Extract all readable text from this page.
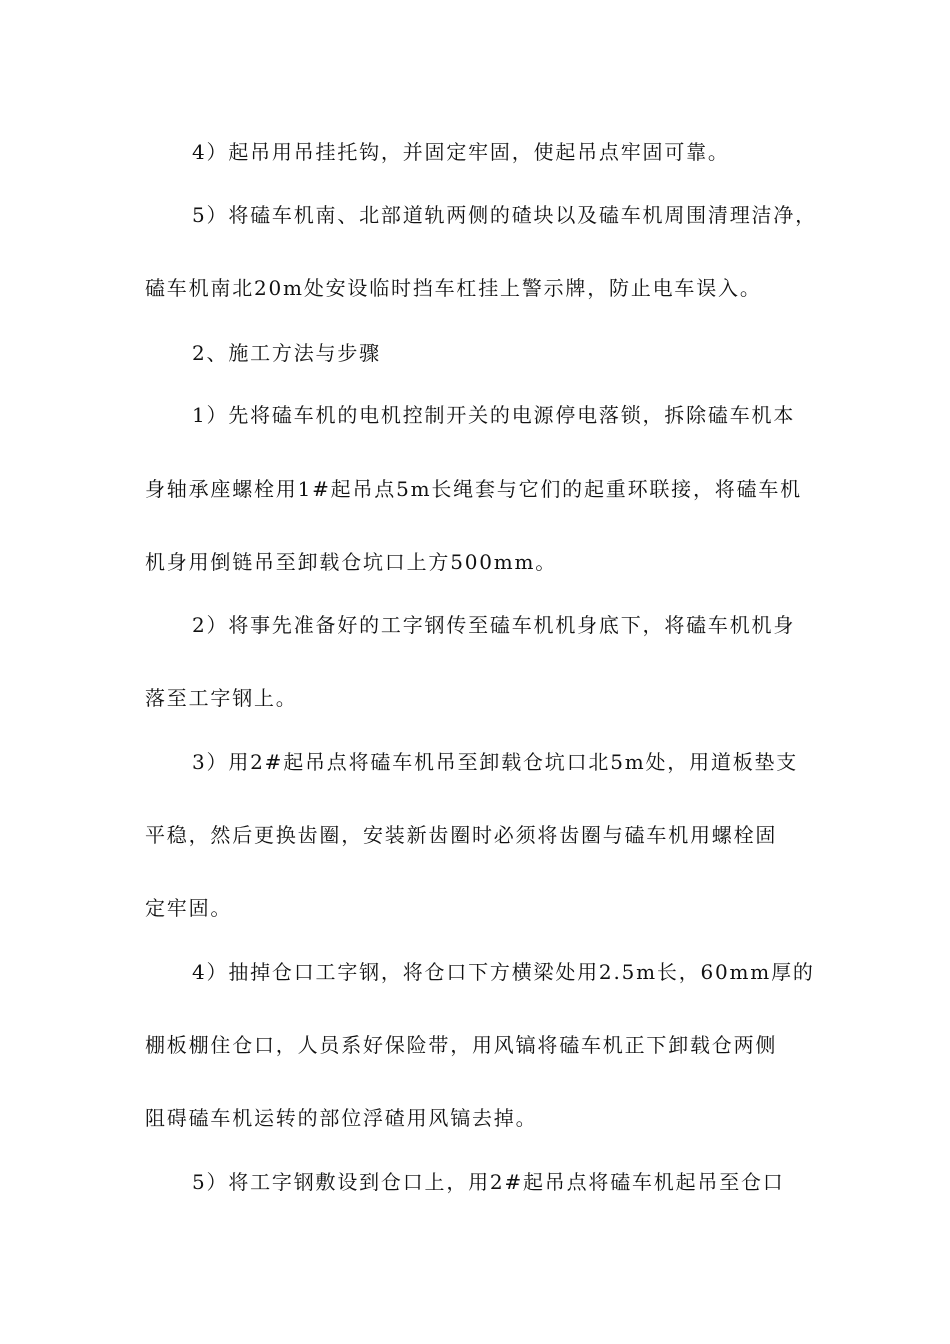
4）起吊用吊挂托钩，并固定牢固，使起吊点牢固可靠。

5）将磕车机南、北部道轨两侧的碴块以及磕车机周围清理洁净，

磕车机南北20m处安设临时挡车杠挂上警示牌，防止电车误入。

2、施工方法与步骤

1）先将磕车机的电机控制开关的电源停电落锁，拆除磕车机本

身轴承座螺栓用1#起吊点5m长绳套与它们的起重环联接，将磕车机

机身用倒链吊至卸载仓坑口上方500mm。

2）将事先准备好的工字钢传至磕车机机身底下，将磕车机机身

落至工字钢上。

3）用2#起吊点将磕车机吊至卸载仓坑口北5m处，用道板垫支

平稳，然后更换齿圈，安装新齿圈时必须将齿圈与磕车机用螺栓固

定牢固。

4）抽掉仓口工字钢，将仓口下方横梁处用2.5m长，60mm厚的

棚板棚住仓口，人员系好保险带，用风镐将磕车机正下卸载仓两侧

阻碍磕车机运转的部位浮碴用风镐去掉。

5）将工字钢敷设到仓口上，用2#起吊点将磕车机起吊至仓口
